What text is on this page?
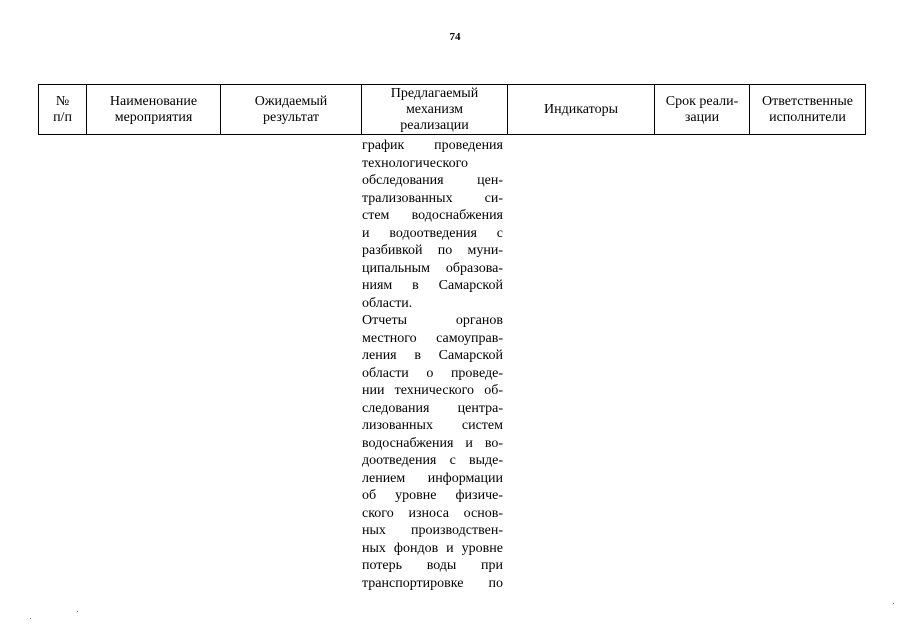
74
№
п/п
Наименование
мероприятия
Ожидаемый
результат
Предлагаемый
механизм
реализации
Индикаторы
Срок реали-
зации
Ответственные
исполнители
график проведения
технологического
обследования цен-
трализованных си-
стем водоснабжения
и водоотведения с
разбивкой по муни-
ципальным образова-
ниям в Самарской
области.
Отчеты органов
местного самоуправ-
ления в Самарской
области о проведе-
нии технического об-
следования центра-
лизованных систем
водоснабжения и во-
доотведения с выде-
лением информации
об уровне физиче-
ского износа основ-
ных производствен-
ных фондов и уровне
потерь воды при
транспортировке по
